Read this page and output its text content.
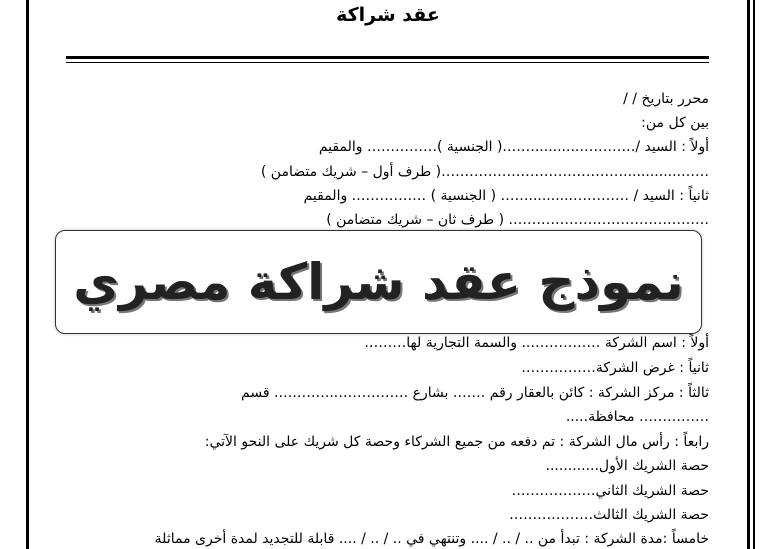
عقد شراكة
محرر بتاريخ / /
بين كل من:
أولاً : السيد /…………..........…….( الجنسية )…………… والمقيم
…….............…………………………………( طرف أول – شريك متضامن )
ثانياً : السيد / …………..........…… ( الجنسية ) ……………. والمقيم
……………………………………. ( طرف ثان – شريك متضامن )
أولاً : اسم الشركة …………….. والسمة التجارية لها………
ثانياً : غرض الشركة…………….
ثالثاً : مركز الشركة : كائن بالعقار رقم ……. بشارع ……………...…….…. قسم
…………… محافظة.....
رابعاً : رأس مال الشركة : تم دفعه من جميع الشركاء وحصة كل شريك على النحو الآتي:
حصة الشريك الأول............
حصة الشريك الثاني………………
حصة الشريك الثالث………………
خامساً :مدة الشركة : تبدأ من .. / .. / .... وتنتهي في .. / .. / .... قابلة للتجديد لمدة أخرى مماثلة
نموذج عقد شراكة مصري
